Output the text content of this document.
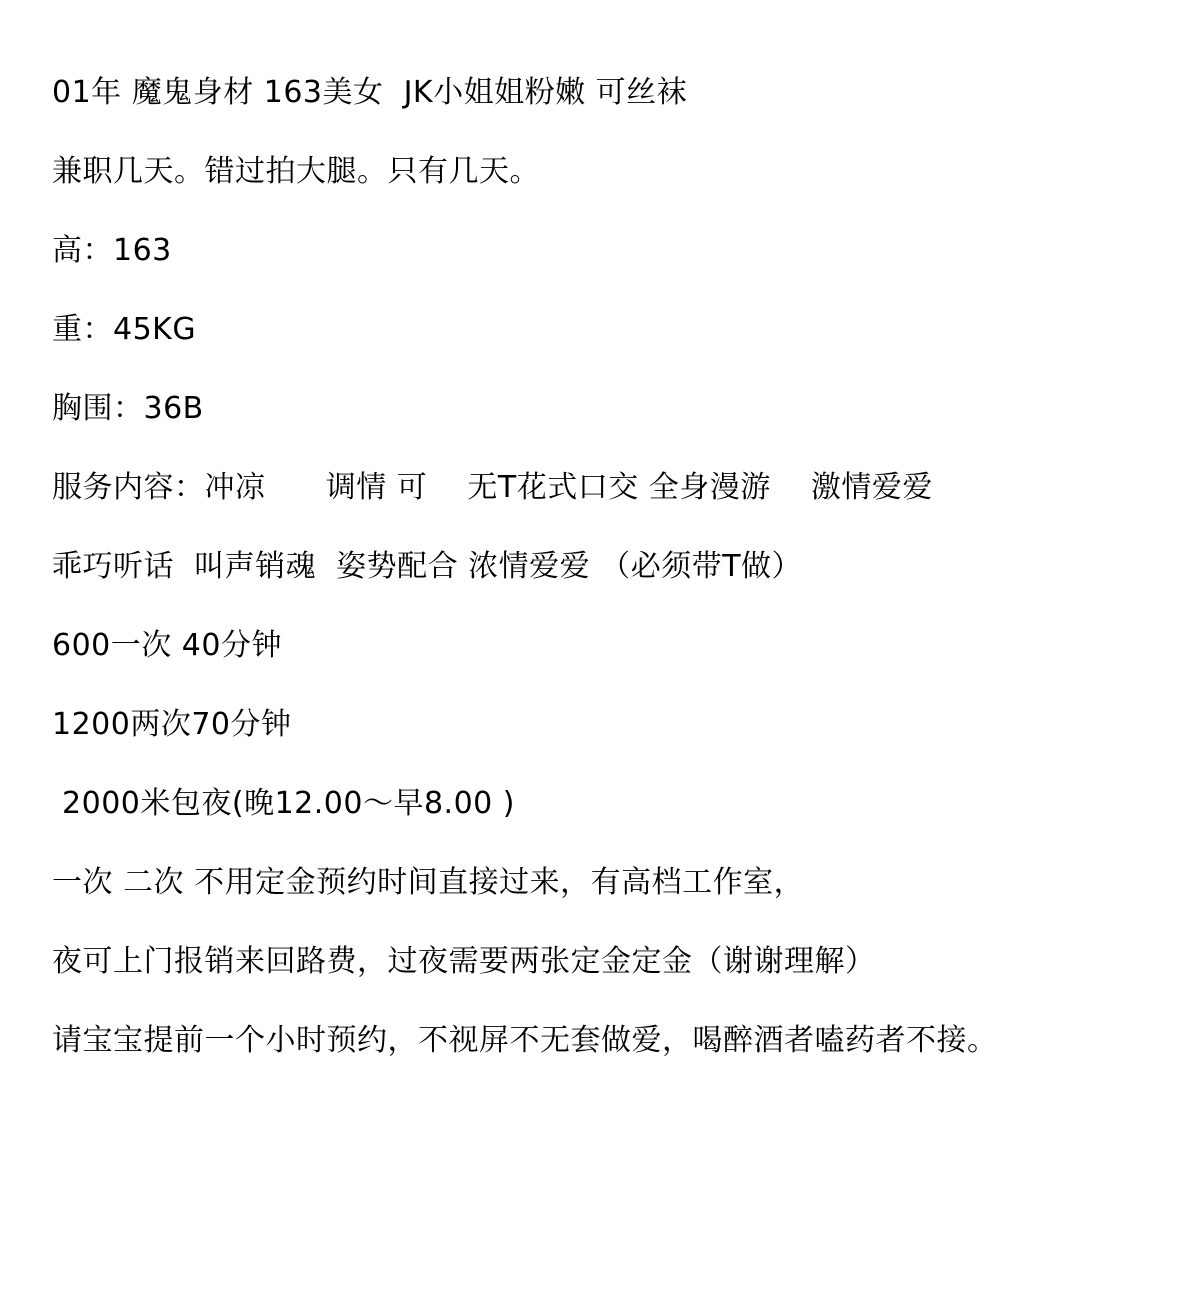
01年 魔鬼身材 163美女  JK小姐姐粉嫩 可丝袜

兼职几天。错过拍大腿。只有几天。

高：163

重：45KG

胸围：36B

服务内容：冲凉      调情 可    无T花式口交 全身漫游    激情爱爱

乖巧听话  叫声销魂  姿势配合 浓情爱爱 （必须带T做）

600一次 40分钟

1200两次70分钟

2000米包夜(晚12.00～早8.00 )

一次 二次 不用定金预约时间直接过来，有高档工作室，

夜可上门报销来回路费，过夜需要两张定金定金（谢谢理解）

请宝宝提前一个小时预约，不视屏不无套做爱，喝醉酒者嗑药者不接。
